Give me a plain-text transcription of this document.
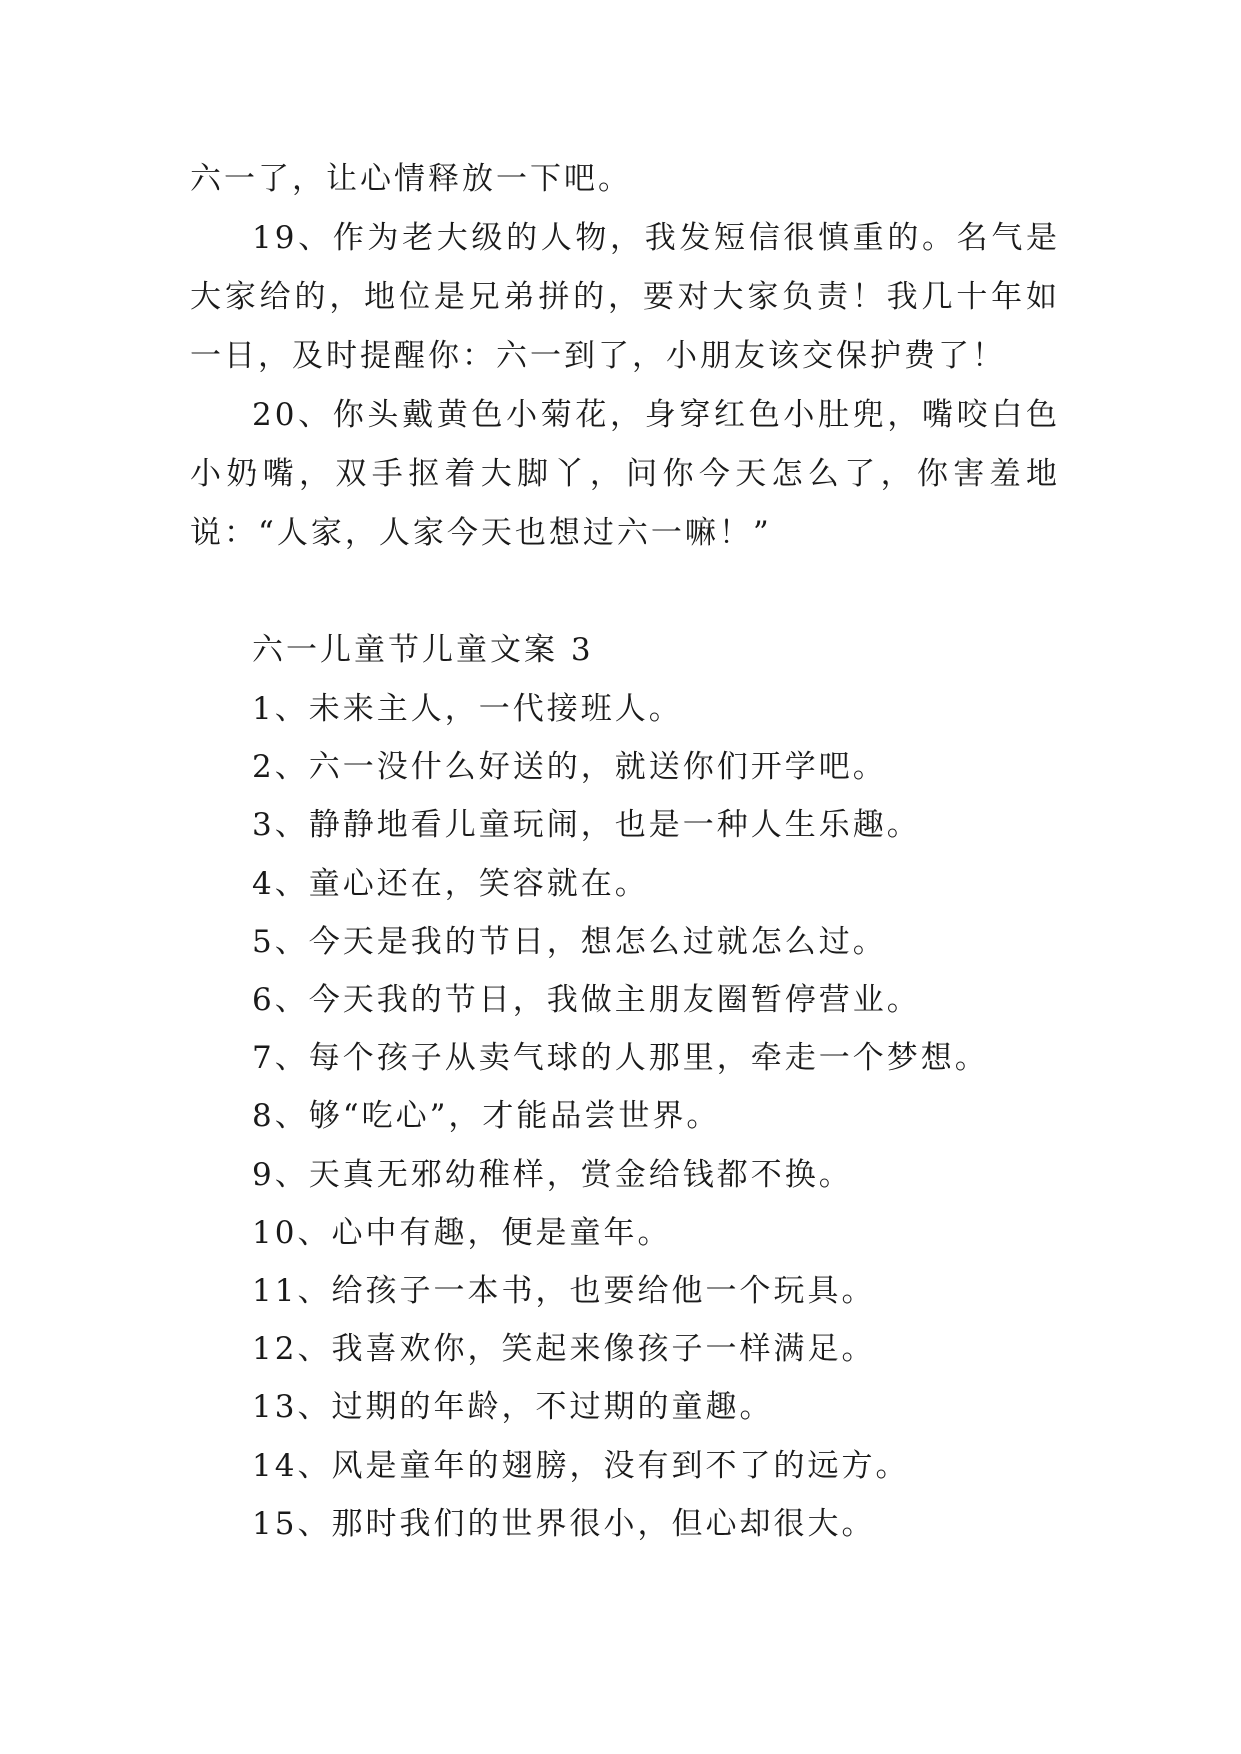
六一了，让心情释放一下吧。

19、作为老大级的人物，我发短信很慎重的。名气是大家给的，地位是兄弟拼的，要对大家负责！我几十年如一日，及时提醒你：六一到了，小朋友该交保护费了！

20、你头戴黄色小菊花，身穿红色小肚兜，嘴咬白色小奶嘴，双手抠着大脚丫，问你今天怎么了，你害羞地说：“人家，人家今天也想过六一嘛！”

六一儿童节儿童文案 3

1、未来主人，一代接班人。
2、六一没什么好送的，就送你们开学吧。
3、静静地看儿童玩闹，也是一种人生乐趣。
4、童心还在，笑容就在。
5、今天是我的节日，想怎么过就怎么过。
6、今天我的节日，我做主朋友圈暂停营业。
7、每个孩子从卖气球的人那里，牵走一个梦想。
8、够“吃心”，才能品尝世界。
9、天真无邪幼稚样，赏金给钱都不换。
10、心中有趣，便是童年。
11、给孩子一本书，也要给他一个玩具。
12、我喜欢你，笑起来像孩子一样满足。
13、过期的年龄，不过期的童趣。
14、风是童年的翅膀，没有到不了的远方。
15、那时我们的世界很小，但心却很大。
